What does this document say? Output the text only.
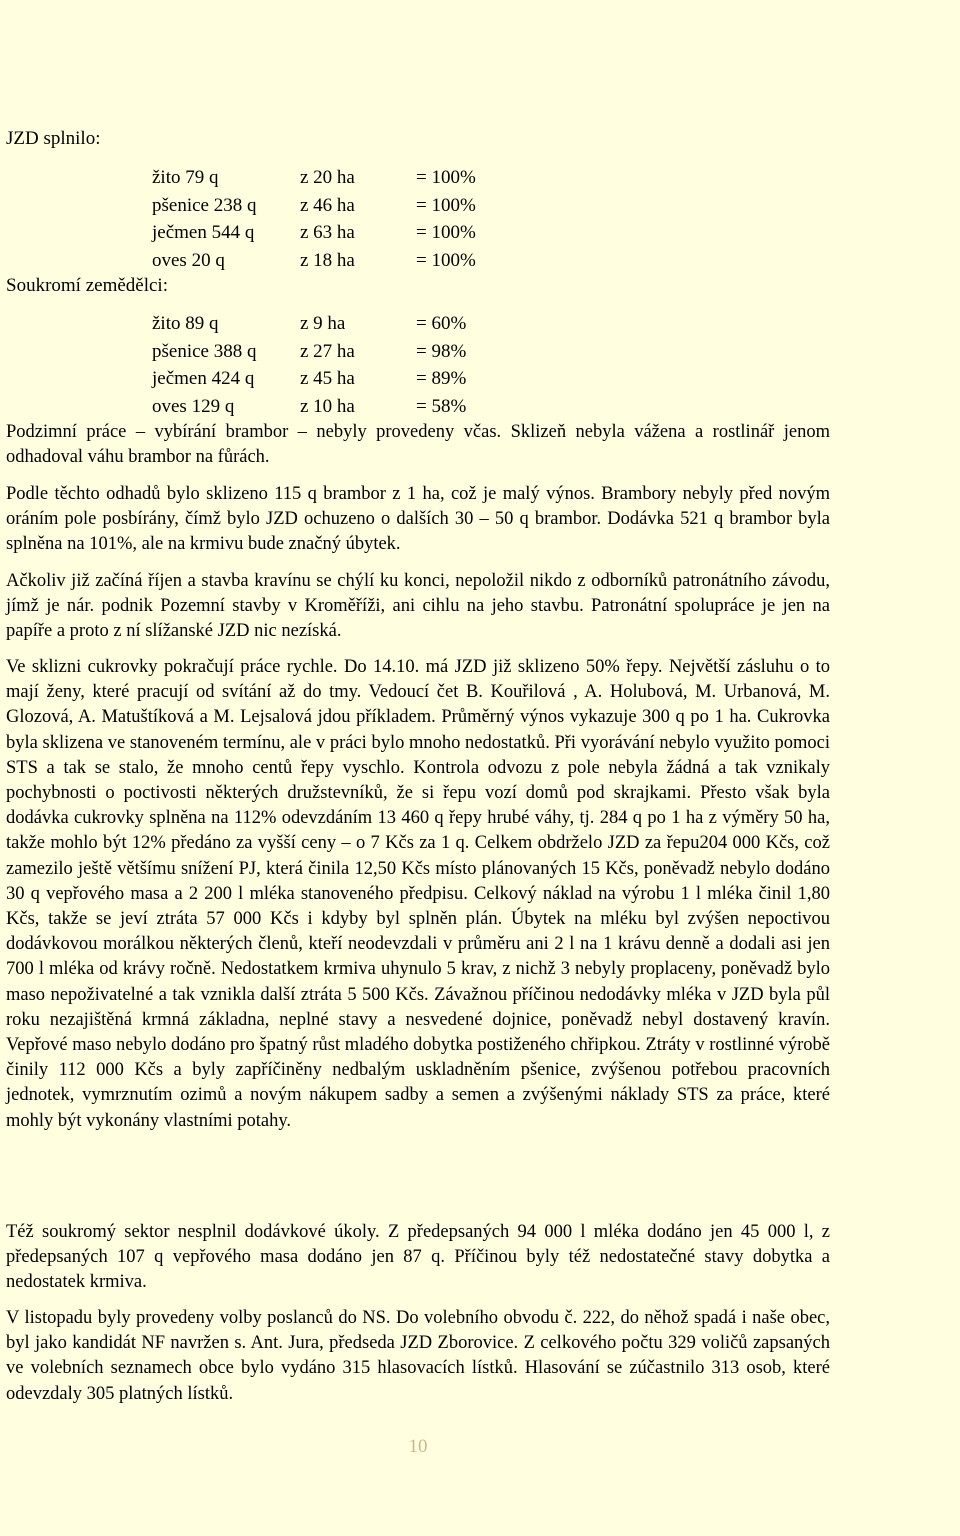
JZD splnilo:
žito 79 q	z 20 ha	= 100%
pšenice 238 q z 46 ha	= 100%
ječmen 544 q z 63 ha	= 100%
oves 20 q	z 18 ha	= 100%
Soukromí zemědělci:
žito 89 q	z 9 ha	= 60%
pšenice 388 q z 27 ha	= 98%
ječmen 424 q z 45 ha	= 89%
oves 129 q	z 10 ha	= 58%

Podzimní práce – vybírání brambor – nebyly provedeny včas. Sklizeň nebyla vážena a rostlinář jenom odhadoval váhu brambor na fůrách.

Podle těchto odhadů bylo sklizeno 115 q brambor z 1 ha, což je malý výnos. Brambory nebyly před novým oráním pole posbírány, čímž bylo JZD ochuzeno o dalších 30 – 50 q brambor. Dodávka 521 q brambor byla splněna na 101%, ale na krmivu bude značný úbytek.

Ačkoliv již začíná říjen a stavba kravínu se chýlí ku konci, nepoložil nikdo z odborníků patronátního závodu, jímž je nár. podnik Pozemní stavby v Kroměříži, ani cihlu na jeho stavbu. Patronátní spolupráce je jen na papíře a proto z ní slížanské JZD nic nezíská.

Ve sklizni cukrovky pokračují práce rychle. Do 14.10. má JZD již sklizeno 50% řepy. Největší zásluhu o to mají ženy, které pracují od svítání až do tmy. Vedoucí čet B. Kouřilová , A. Holubová, M. Urbanová, M. Glozová, A. Matuštíková a M. Lejsalová jdou příkladem. Průměrný výnos vykazuje 300 q po 1 ha. Cukrovka byla sklizena ve stanoveném termínu, ale v práci bylo mnoho nedostatků. Při vyorávání nebylo využito pomoci STS a tak se stalo, že mnoho centů řepy vyschlo. Kontrola odvozu z pole nebyla žádná a tak vznikaly pochybnosti o poctivosti některých družstevníků, že si řepu vozí domů pod skrajkami. Přesto však byla dodávka cukrovky splněna na 112% odevzdáním 13 460 q řepy hrubé váhy, tj. 284 q po 1 ha z výměry 50 ha, takže mohlo být 12% předáno za vyšší ceny – o 7 Kčs za 1 q. Celkem obdrželo JZD za řepu204 000 Kčs, což zamezilo ještě většímu snížení PJ, která činila 12,50 Kčs místo plánovaných 15 Kčs, poněvadž nebylo dodáno 30 q vepřového masa a 2 200 l mléka stanoveného předpisu. Celkový náklad na výrobu 1 l mléka činil 1,80 Kčs, takže se jeví ztráta 57 000 Kčs i kdyby byl splněn plán. Úbytek na mléku byl zvýšen nepoctivou dodávkovou morálkou některých členů, kteří neodevzdali v průměru ani 2 l na 1 krávu denně a dodali asi jen 700 l mléka od krávy ročně. Nedostatkem krmiva uhynulo 5 krav, z nichž 3 nebyly proplaceny, poněvadž bylo maso nepoživatelné a tak vznikla další ztráta 5 500 Kčs. Závažnou příčinou nedodávky mléka v JZD byla půl roku nezajištěná krmná základna, neplné stavy a nesvedené dojnice, poněvadž nebyl dostavený kravín. Vepřové maso nebylo dodáno pro špatný růst mladého dobytka postiženého chřipkou. Ztráty v rostlinné výrobě činily 112 000 Kčs a byly zapříčiněny nedbalým uskladněním pšenice, zvýšenou potřebou pracovních jednotek, vymrznutím ozimů a novým nákupem sadby a semen a zvýšenými náklady STS za práce, které mohly být vykonány vlastními potahy.

Též soukromý sektor nesplnil dodávkové úkoly. Z předepsaných 94 000 l mléka dodáno jen 45 000 l, z předepsaných 107 q vepřového masa dodáno jen 87 q. Příčinou byly též nedostatečné stavy dobytka a nedostatek krmiva.

V listopadu byly provedeny volby poslanců do NS. Do volebního obvodu č. 222, do něhož spadá i naše obec, byl jako kandidát NF navržen s. Ant. Jura, předseda JZD Zborovice. Z celkového počtu 329 voličů zapsaných ve volebních seznamech obce bylo vydáno 315 hlasovacích lístků. Hlasování se zúčastnilo 313 osob, které odevzdaly 305 platných lístků.

10
